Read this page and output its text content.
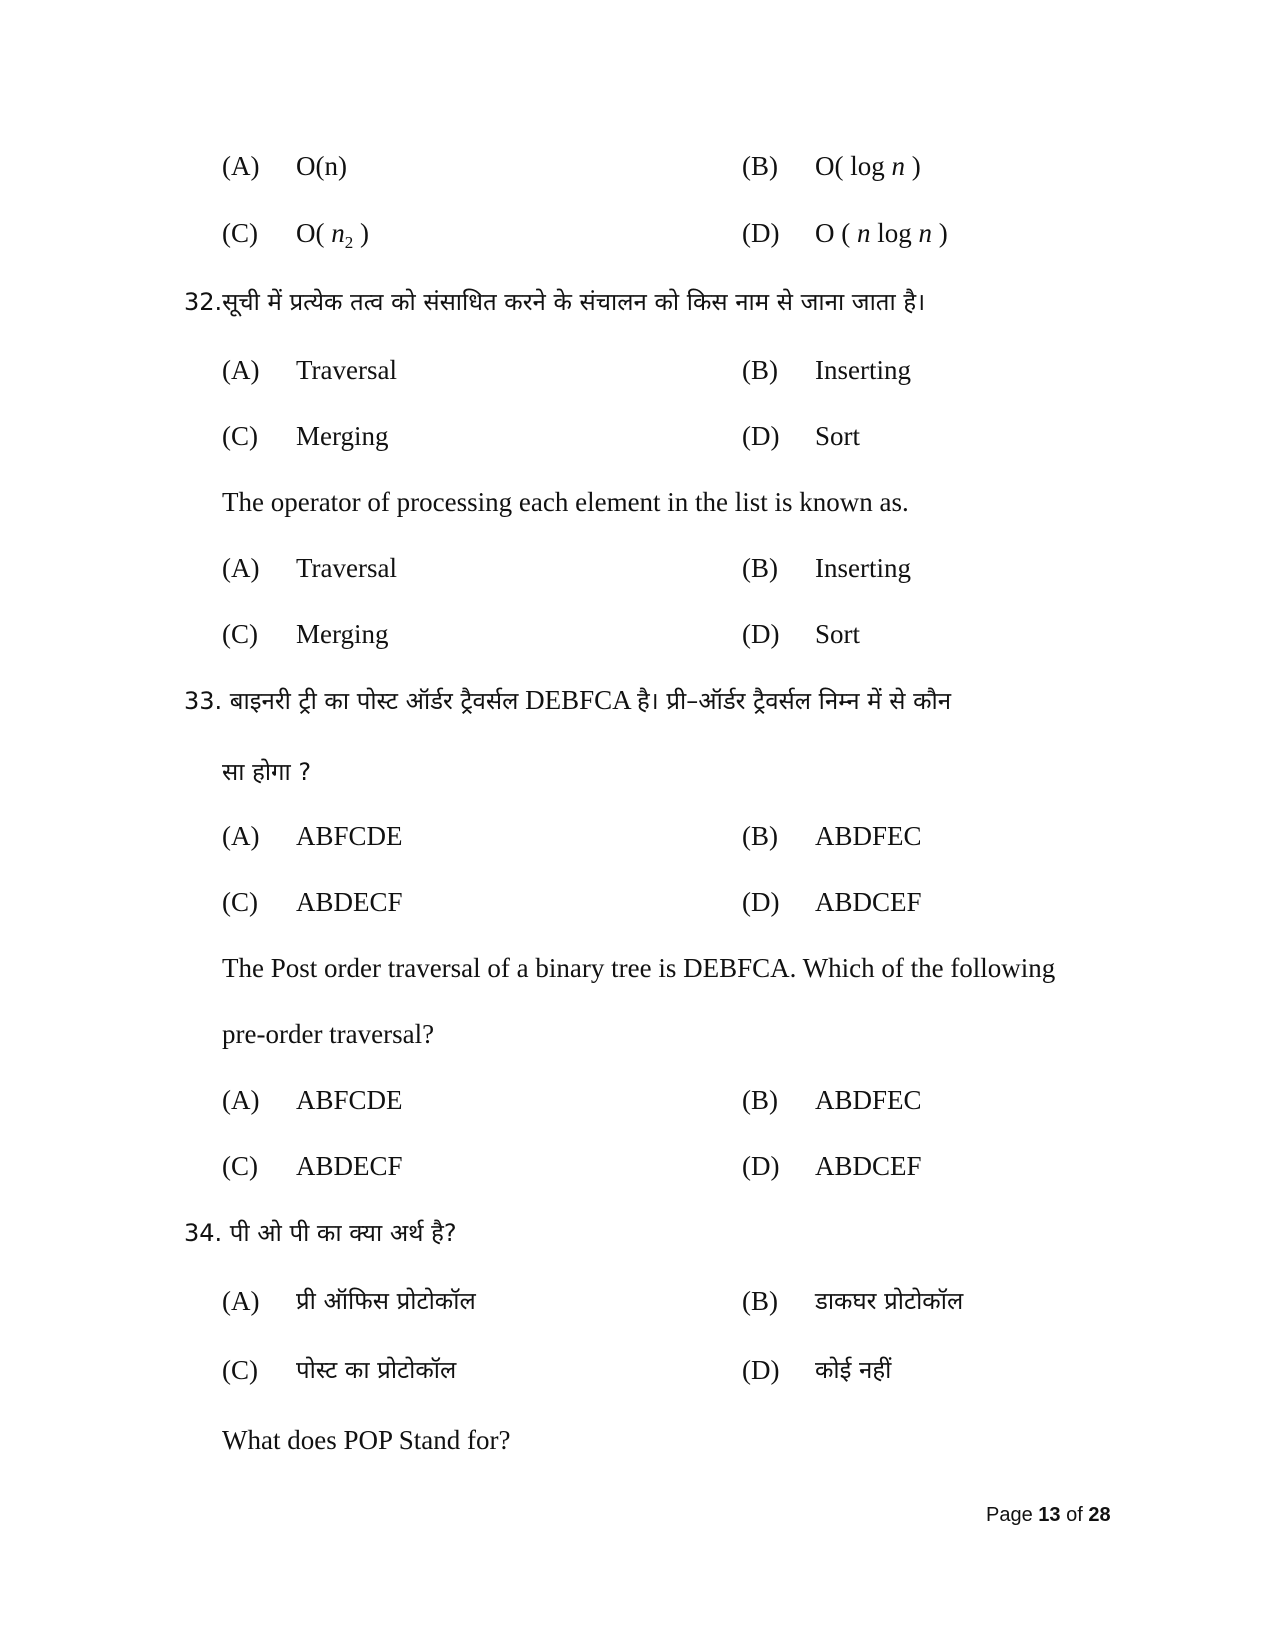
(A) O(n)	(B) O( log n )
(C) O( $n_2$ )	(D) O ( n log n )
32.सूची में प्रत्येक तत्व को संसाधित करने के संचालन को किस नाम से जाना जाता है।
(A) Traversal	(B) Inserting
(C) Merging	(D) Sort
The operator of processing each element in the list is known as.
(A) Traversal	(B) Inserting
(C) Merging	(D) Sort
33. बाइनरी ट्री का पोस्ट ऑर्डर ट्रैवर्सल DEBFCA है। प्री–ऑर्डर ट्रैवर्सल निम्न में से कौन
सा होगा ?
(A) ABFCDE	(B) ABDFEC
(C) ABDECF	(D) ABDCEF
The Post order traversal of a binary tree is DEBFCA. Which of the following
pre-order traversal?
(A) ABFCDE	(B) ABDFEC
(C) ABDECF	(D) ABDCEF
34. पी ओ पी का क्या अर्थ है?
(A) प्री ऑफिस प्रोटोकॉल	(B) डाकघर प्रोटोकॉल
(C) पोस्ट का प्रोटोकॉल	(D) कोई नहीं
What does POP Stand for?
Page 13 of 28
